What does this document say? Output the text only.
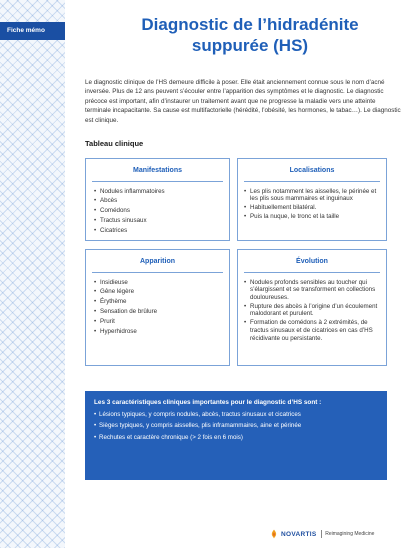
Fiche mémo	Diagnostic de l’hidradénite
suppurée (HS)

Le diagnostic clinique de l’HS demeure difficile à poser. Elle était anciennement connue sous le nom d’acné inversée. Plus de 12 ans peuvent s’écouler entre l’apparition des symptômes et le diagnostic. Le diagnostic précoce est important, afin d’instaurer un traitement avant que ne progresse la maladie vers une atteinte terminale incapacitante. Sa cause est multifactorielle (hérédité, l’obésité, les hormones, le tabac…). Le diagnostic est clinique.

Tableau clinique
Manifestations
• Nodules inflammatoires
• Abcès
• Comédons
• Tractus sinusaux
• Cicatrices
Localisations
• Les plis notamment les aisselles, le périnée et les plis sous mammaires et inguinaux
• Habituellement bilatéral.
• Puis la nuque, le tronc et la taille
Apparition
• Insidieuse
• Gêne légère
• Érythème
• Sensation de brûlure
• Prurit
• Hyperhidrose
Évolution
• Nodules profonds sensibles au toucher qui s’élargissent et se transforment en collections douloureuses.
• Rupture des abcès à l’origine d’un écoulement malodorant et purulent.
• Formation de comédons à 2 extrémités, de tractus sinusaux et de cicatrices en cas d’HS récidivante ou persistante.
Les 3 caractéristiques cliniques importantes pour le diagnostic d’HS sont :
• Lésions typiques, y compris nodules, abcès, tractus sinusaux et cicatrices
• Sièges typiques, y compris aisselles, plis inframammaires, aine et périnée
• Rechutes et caractère chronique (> 2 fois en 6 mois)
NOVARTIS Reimagining Medicine
